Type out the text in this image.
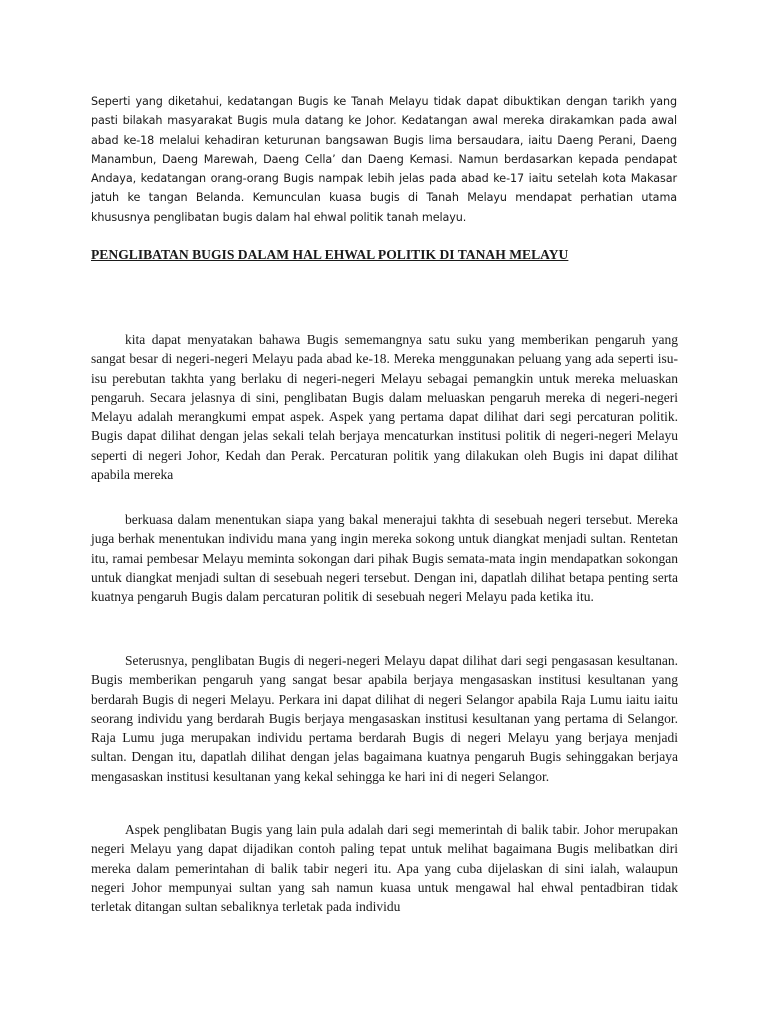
Seperti yang diketahui, kedatangan Bugis ke Tanah Melayu tidak dapat dibuktikan dengan tarikh yang pasti bilakah masyarakat Bugis mula datang ke Johor. Kedatangan awal mereka dirakamkan pada awal abad ke-18 melalui kehadiran keturunan bangsawan Bugis lima bersaudara, iaitu Daeng Perani, Daeng Manambun, Daeng Marewah, Daeng Cella’ dan Daeng Kemasi. Namun berdasarkan kepada pendapat Andaya, kedatangan orang-orang Bugis nampak lebih jelas pada abad ke-17 iaitu setelah kota Makasar jatuh ke tangan Belanda. Kemunculan kuasa bugis di Tanah Melayu mendapat perhatian utama khususnya penglibatan bugis dalam hal ehwal politik tanah melayu.

PENGLIBATAN BUGIS DALAM HAL EHWAL POLITIK DI TANAH MELAYU

kita dapat menyatakan bahawa Bugis sememangnya satu suku yang memberikan pengaruh yang sangat besar di negeri-negeri Melayu pada abad ke-18. Mereka menggunakan peluang yang ada seperti isu-isu perebutan takhta yang berlaku di negeri-negeri Melayu sebagai pemangkin untuk mereka meluaskan pengaruh. Secara jelasnya di sini, penglibatan Bugis dalam meluaskan pengaruh mereka di negeri-negeri Melayu adalah merangkumi empat aspek. Aspek yang pertama dapat dilihat dari segi percaturan politik. Bugis dapat dilihat dengan jelas sekali telah berjaya mencaturkan institusi politik di negeri-negeri Melayu seperti di negeri Johor, Kedah dan Perak. Percaturan politik yang dilakukan oleh Bugis ini dapat dilihat apabila mereka

berkuasa dalam menentukan siapa yang bakal menerajui takhta di sesebuah negeri tersebut. Mereka juga berhak menentukan individu mana yang ingin mereka sokong untuk diangkat menjadi sultan. Rentetan itu, ramai pembesar Melayu meminta sokongan dari pihak Bugis semata-mata ingin mendapatkan sokongan untuk diangkat menjadi sultan di sesebuah negeri tersebut. Dengan ini, dapatlah dilihat betapa penting serta kuatnya pengaruh Bugis dalam percaturan politik di sesebuah negeri Melayu pada ketika itu.

Seterusnya, penglibatan Bugis di negeri-negeri Melayu dapat dilihat dari segi pengasasan kesultanan. Bugis memberikan pengaruh yang sangat besar apabila berjaya mengasaskan institusi kesultanan yang berdarah Bugis di negeri Melayu. Perkara ini dapat dilihat di negeri Selangor apabila Raja Lumu iaitu iaitu seorang individu yang berdarah Bugis berjaya mengasaskan institusi kesultanan yang pertama di Selangor. Raja Lumu juga merupakan individu pertama berdarah Bugis di negeri Melayu yang berjaya menjadi sultan. Dengan itu, dapatlah dilihat dengan jelas bagaimana kuatnya pengaruh Bugis sehinggakan berjaya mengasaskan institusi kesultanan yang kekal sehingga ke hari ini di negeri Selangor.

Aspek penglibatan Bugis yang lain pula adalah dari segi memerintah di balik tabir. Johor merupakan negeri Melayu yang dapat dijadikan contoh paling tepat untuk melihat bagaimana Bugis melibatkan diri mereka dalam pemerintahan di balik tabir negeri itu. Apa yang cuba dijelaskan di sini ialah, walaupun negeri Johor mempunyai sultan yang sah namun kuasa untuk mengawal hal ehwal pentadbiran tidak terletak ditangan sultan sebaliknya terletak pada individu
